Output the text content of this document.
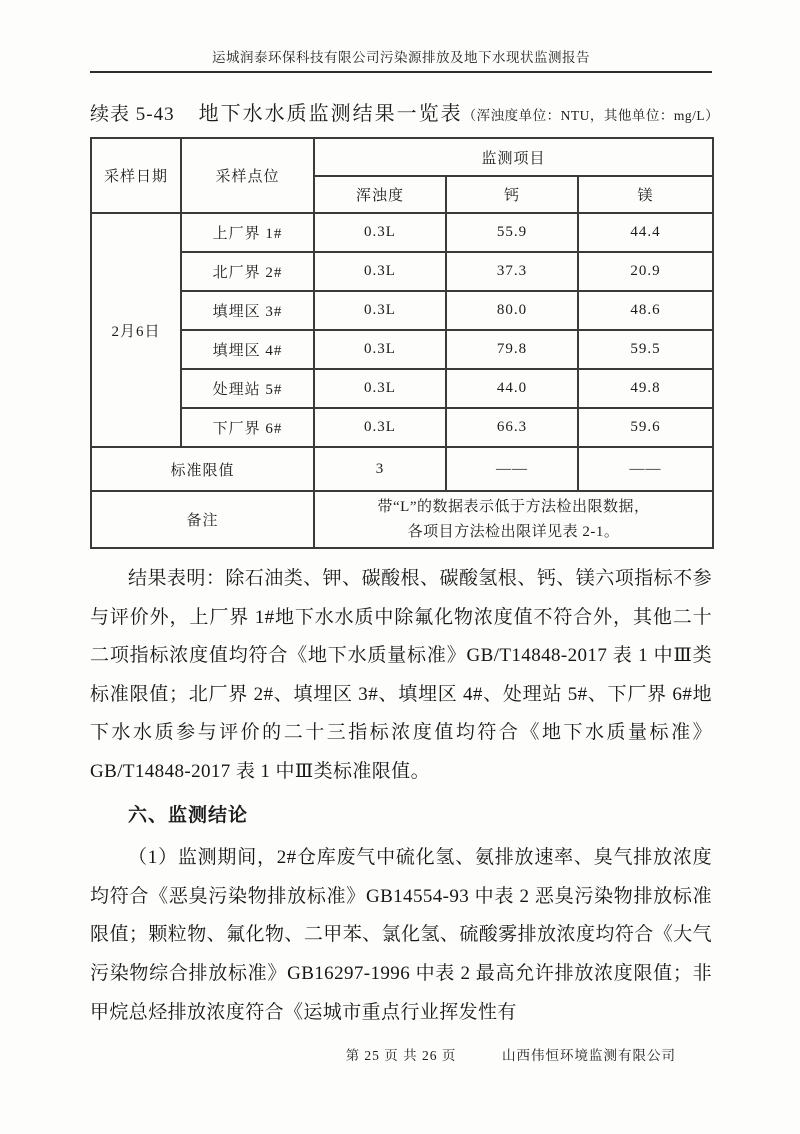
运城润泰环保科技有限公司污染源排放及地下水现状监测报告
续表 5-43 地下水水质监测结果一览表 （浑浊度单位：NTU，其他单位：mg/L）
采样日期	采样点位	监测项目		
		浑浊度	钙	镁
2月6日	上厂界 1#	0.3L	55.9	44.4
	北厂界 2#	0.3L	37.3	20.9
	填埋区 3#	0.3L	80.0	48.6
	填埋区 4#	0.3L	79.8	59.5
	处理站 5#	0.3L	44.0	49.8
	下厂界 6#	0.3L	66.3	59.6
标准限值		3	——	——
备注		带“L”的数据表示低于方法检出限数据，
各项目方法检出限详见表 2-1。		

结果表明：除石油类、钾、碳酸根、碳酸氢根、钙、镁六项指标不参与评价外，上厂界 1#地下水水质中除氟化物浓度值不符合外，其他二十二项指标浓度值均符合《地下水质量标准》GB/T14848-2017 表 1 中Ⅲ类标准限值；北厂界 2#、填埋区 3#、填埋区 4#、处理站 5#、下厂界 6#地下水水质参与评价的二十三指标浓度值均符合《地下水质量标准》GB/T14848-2017 表 1 中Ⅲ类标准限值。

六、监测结论

（1）监测期间，2#仓库废气中硫化氢、氨排放速率、臭气排放浓度均符合《恶臭污染物排放标准》GB14554-93 中表 2 恶臭污染物排放标准限值；颗粒物、氟化物、二甲苯、氯化氢、硫酸雾排放浓度均符合《大气污染物综合排放标准》GB16297-1996 中表 2 最高允许排放浓度限值；非甲烷总烃排放浓度符合《运城市重点行业挥发性有

第 25 页 共 26 页	山西伟恒环境监测有限公司
